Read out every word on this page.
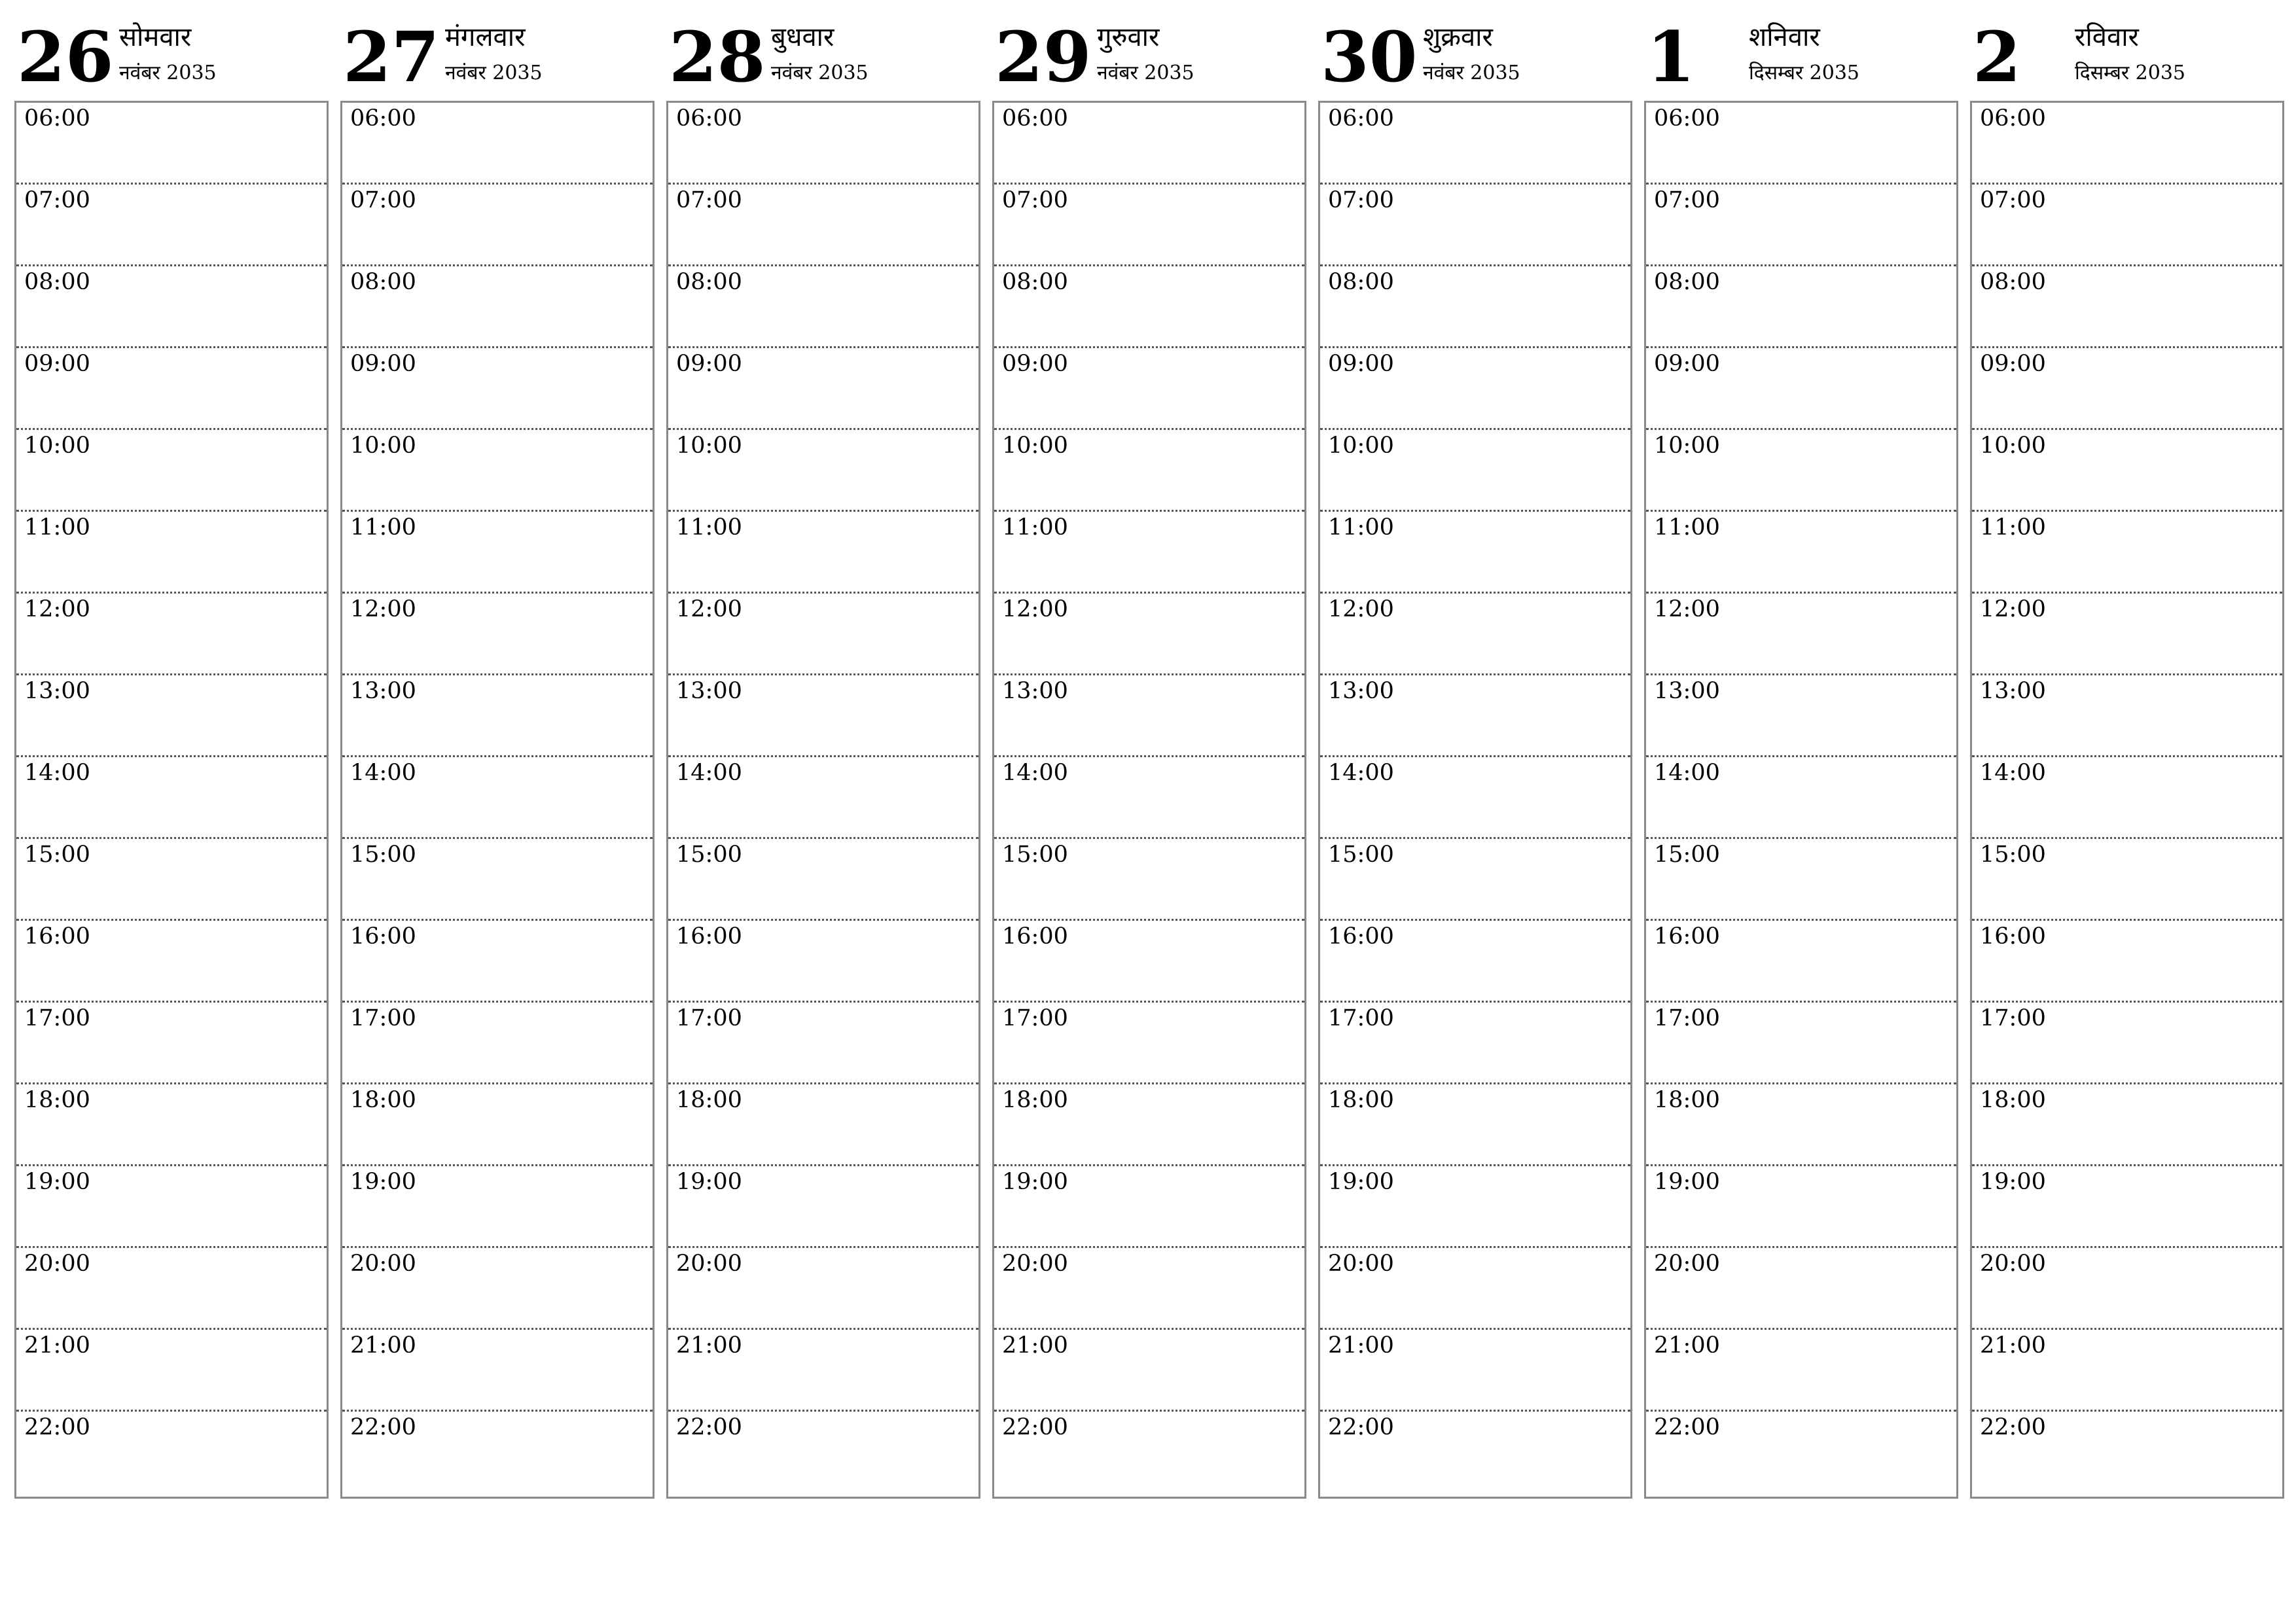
26 सोमवार
नवंबर 2035
06:00
07:00
08:00
09:00
10:00
11:00
12:00
13:00
14:00
15:00
16:00
17:00
18:00
19:00
20:00
21:00
22:00
27 मंगलवार
नवंबर 2035
06:00
07:00
08:00
09:00
10:00
11:00
12:00
13:00
14:00
15:00
16:00
17:00
18:00
19:00
20:00
21:00
22:00
28 बुधवार
नवंबर 2035
06:00
07:00
08:00
09:00
10:00
11:00
12:00
13:00
14:00
15:00
16:00
17:00
18:00
19:00
20:00
21:00
22:00
29 गुरुवार
नवंबर 2035
06:00
07:00
08:00
09:00
10:00
11:00
12:00
13:00
14:00
15:00
16:00
17:00
18:00
19:00
20:00
21:00
22:00
30 शुक्रवार
नवंबर 2035
06:00
07:00
08:00
09:00
10:00
11:00
12:00
13:00
14:00
15:00
16:00
17:00
18:00
19:00
20:00
21:00
22:00
1 शनिवार
दिसम्बर 2035
06:00
07:00
08:00
09:00
10:00
11:00
12:00
13:00
14:00
15:00
16:00
17:00
18:00
19:00
20:00
21:00
22:00
2 रविवार
दिसम्बर 2035
06:00
07:00
08:00
09:00
10:00
11:00
12:00
13:00
14:00
15:00
16:00
17:00
18:00
19:00
20:00
21:00
22:00
